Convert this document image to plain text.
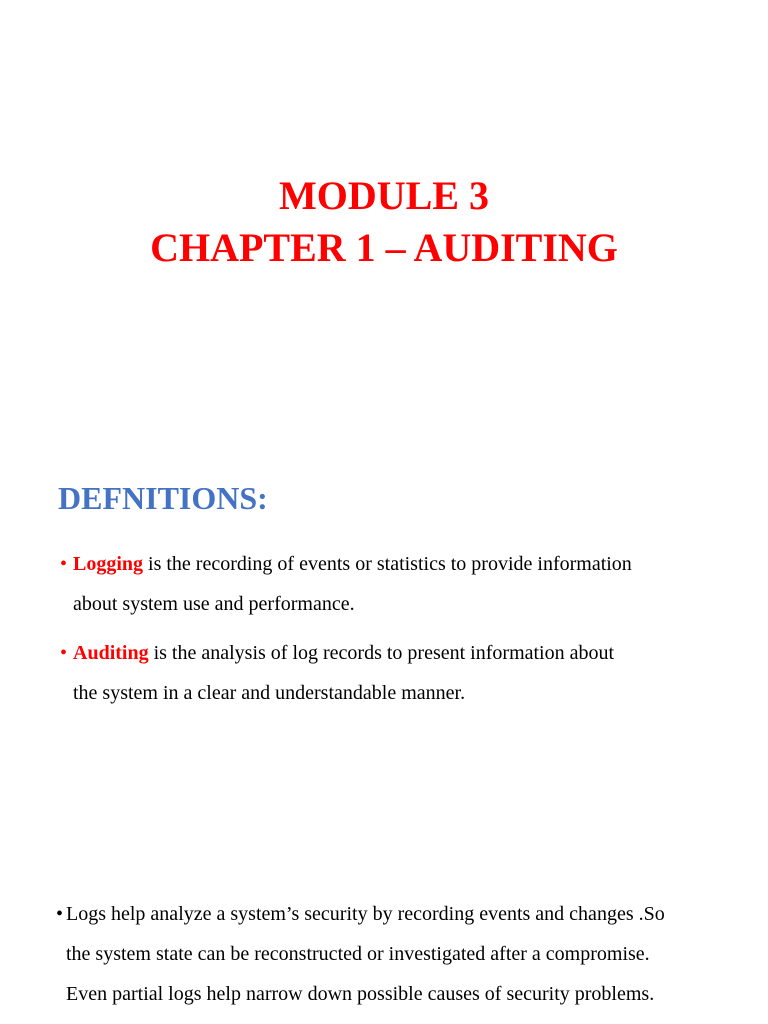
MODULE 3
CHAPTER 1 – AUDITING
DEFNITIONS:
• Logging is the recording of events or statistics to provide information
about system use and performance.
• Auditing is the analysis of log records to present information about
the system in a clear and understandable manner.
• Logs help analyze a system’s security by recording events and changes .So
the system state can be reconstructed or investigated after a compromise.
Even partial logs help narrow down possible causes of security problems.
